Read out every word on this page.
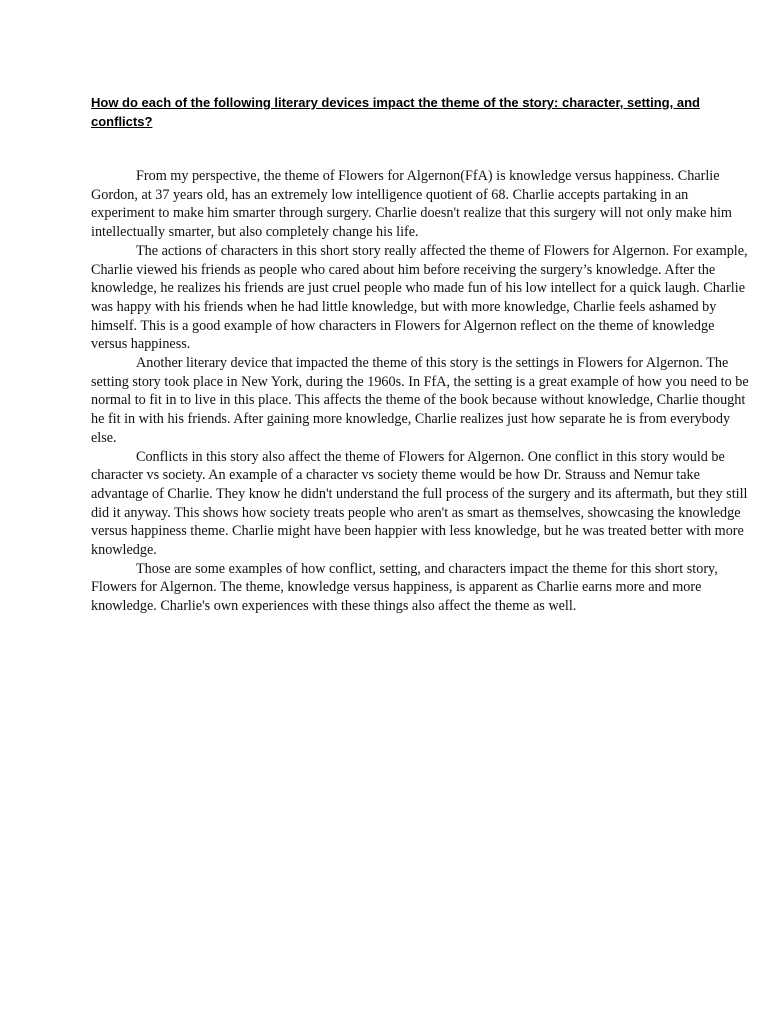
How do each of the following literary devices impact the theme of the story: character, setting, and conflicts?

From my perspective, the theme of Flowers for Algernon(FfA) is knowledge versus happiness. Charlie Gordon, at 37 years old, has an extremely low intelligence quotient of 68. Charlie accepts partaking in an experiment to make him smarter through surgery. Charlie doesn't realize that this surgery will not only make him intellectually smarter, but also completely change his life.

The actions of characters in this short story really affected the theme of Flowers for Algernon. For example, Charlie viewed his friends as people who cared about him before receiving the surgery’s knowledge. After the knowledge, he realizes his friends are just cruel people who made fun of his low intellect for a quick laugh. Charlie was happy with his friends when he had little knowledge, but with more knowledge, Charlie feels ashamed by himself. This is a good example of how characters in Flowers for Algernon reflect on the theme of knowledge versus happiness.

Another literary device that impacted the theme of this story is the settings in Flowers for Algernon. The setting story took place in New York, during the 1960s. In FfA, the setting is a great example of how you need to be normal to fit in to live in this place. This affects the theme of the book because without knowledge, Charlie thought he fit in with his friends. After gaining more knowledge, Charlie realizes just how separate he is from everybody else.

Conflicts in this story also affect the theme of Flowers for Algernon. One conflict in this story would be character vs society. An example of a character vs society theme would be how Dr. Strauss and Nemur take advantage of Charlie. They know he didn't understand the full process of the surgery and its aftermath, but they still did it anyway. This shows how society treats people who aren't as smart as themselves, showcasing the knowledge versus happiness theme. Charlie might have been happier with less knowledge, but he was treated better with more knowledge.

Those are some examples of how conflict, setting, and characters impact the theme for this short story, Flowers for Algernon. The theme, knowledge versus happiness, is apparent as Charlie earns more and more knowledge. Charlie's own experiences with these things also affect the theme as well.
